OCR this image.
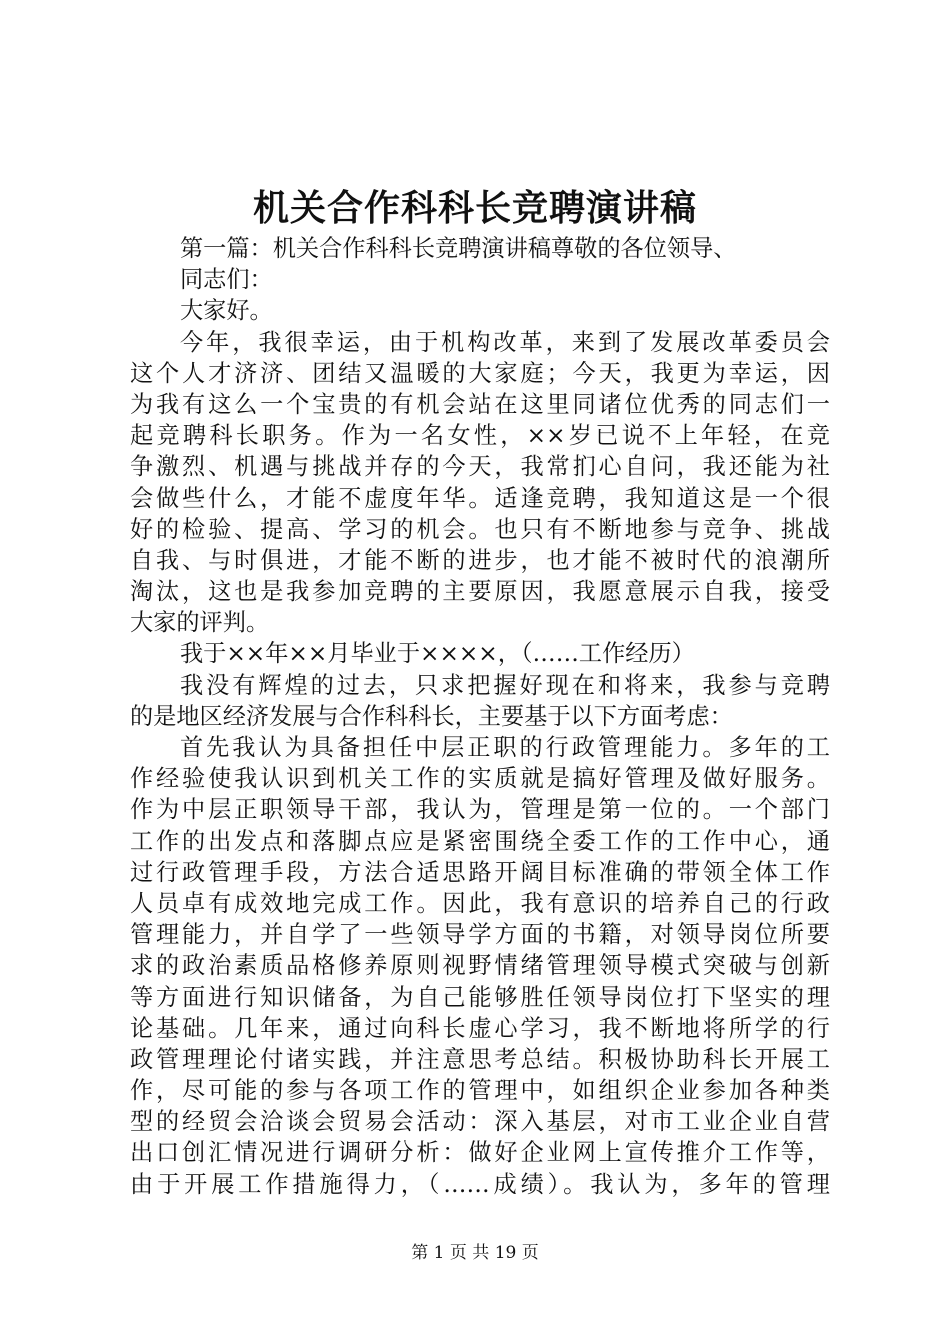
机关合作科科长竞聘演讲稿
第一篇：机关合作科科长竞聘演讲稿尊敬的各位领导、
同志们：
大家好。
今年，我很幸运，由于机构改革，来到了发展改革委员会
这个人才济济、团结又温暖的大家庭；今天，我更为幸运，因
为我有这么一个宝贵的有机会站在这里同诸位优秀的同志们一
起竞聘科长职务。作为一名女性，××岁已说不上年轻，在竞
争激烈、机遇与挑战并存的今天，我常扪心自问，我还能为社
会做些什么，才能不虚度年华。适逢竞聘，我知道这是一个很
好的检验、提高、学习的机会。也只有不断地参与竞争、挑战
自我、与时俱进，才能不断的进步，也才能不被时代的浪潮所
淘汰，这也是我参加竞聘的主要原因，我愿意展示自我，接受
大家的评判。
我于××年××月毕业于××××，（……工作经历）
我没有辉煌的过去，只求把握好现在和将来，我参与竞聘
的是地区经济发展与合作科科长，主要基于以下方面考虑：
首先我认为具备担任中层正职的行政管理能力。多年的工
作经验使我认识到机关工作的实质就是搞好管理及做好服务。
作为中层正职领导干部，我认为，管理是第一位的。一个部门
工作的出发点和落脚点应是紧密围绕全委工作的工作中心，通
过行政管理手段，方法合适思路开阔目标准确的带领全体工作
人员卓有成效地完成工作。因此，我有意识的培养自己的行政
管理能力，并自学了一些领导学方面的书籍，对领导岗位所要
求的政治素质品格修养原则视野情绪管理领导模式突破与创新
等方面进行知识储备，为自己能够胜任领导岗位打下坚实的理
论基础。几年来，通过向科长虚心学习，我不断地将所学的行
政管理理论付诸实践，并注意思考总结。积极协助科长开展工
作，尽可能的参与各项工作的管理中，如组织企业参加各种类
型的经贸会洽谈会贸易会活动：深入基层，对市工业企业自营
出口创汇情况进行调研分析：做好企业网上宣传推介工作等，
由于开展工作措施得力，（……成绩）。我认为，多年的管理
第 1 页 共 19 页
